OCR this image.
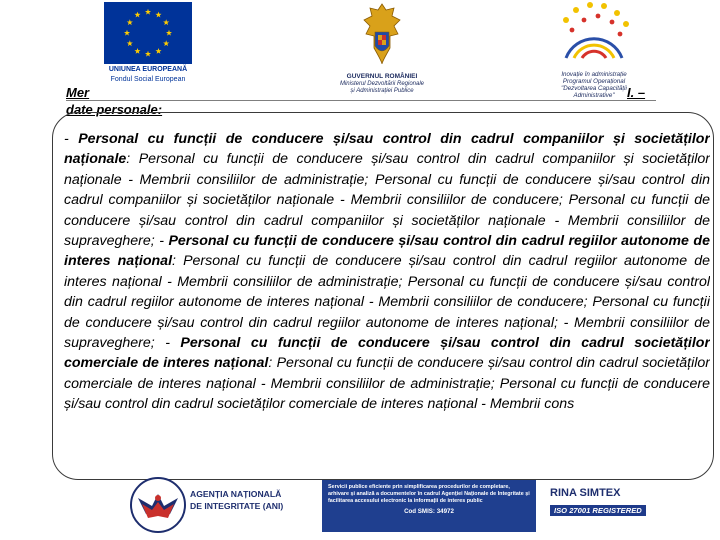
UNIUNEA EUROPEANĂ
Fondul Social European	GUVERNUL ROMÂNIEI
Ministerul Dezvoltării Regionale
și Administrației Publice
Inovație în administrație
Programul Operațional
"Dezvoltarea Capacității
Administrative"
Mer
date personale:
I. –
- Personal cu funcții de conducere și/sau control din cadrul companiilor și societăților naționale: Personal cu funcții de conducere și/sau control din cadrul companiilor și societăților naționale - Membrii consiliilor de administrație; Personal cu funcții de conducere și/sau control din cadrul companiilor și societăților naționale - Membrii consiliilor de conducere; Personal cu funcții de conducere și/sau control din cadrul companiilor și societăților naționale - Membrii consiliilor de supraveghere; - Personal cu funcții de conducere și/sau control din cadrul regiilor autonome de interes național: Personal cu funcții de conducere și/sau control din cadrul regiilor autonome de interes național - Membrii consiliilor de administrație; Personal cu funcții de conducere și/sau control din cadrul regiilor autonome de interes național - Membrii consiliilor de conducere; Personal cu funcții de conducere și/sau control din cadrul regiilor autonome de interes național; - Membrii consiliilor de supraveghere; - Personal cu funcții de conducere și/sau control din cadrul societăților comerciale de interes național: Personal cu funcții de conducere și/sau control din cadrul societăților comerciale de interes național - Membrii consiliilor de administrație; Personal cu funcții de conducere și/sau control din cadrul societăților comerciale de interes național - Membrii cons
AGENȚIA NAȚIONALĂ
DE INTEGRITATE (ANI)
Servicii publice eficiente prin simplificarea procedurilor de completare, arhivare și analiză a documentelor în cadrul Agenției Naționale de Integritate și facilitarea accesului electronic la informații de interes public
Cod SMIS: 34972
RINA SIMTEX
ISO 27001 REGISTERED
